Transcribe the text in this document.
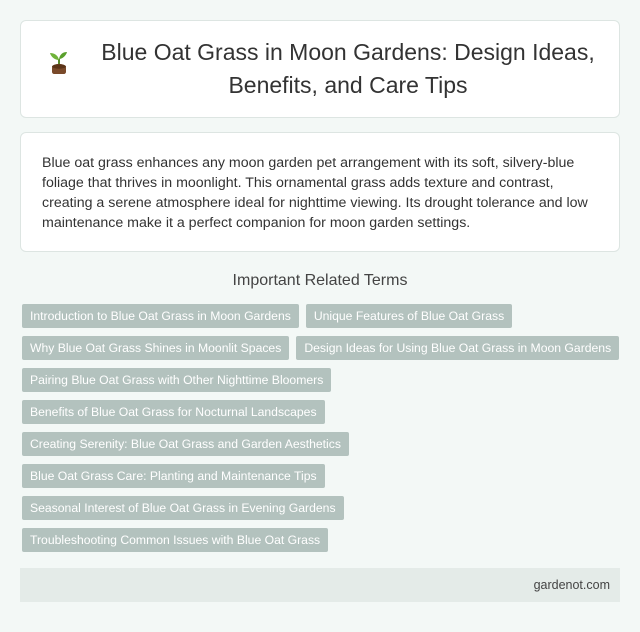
Blue Oat Grass in Moon Gardens: Design Ideas,
Benefits, and Care Tips

Blue oat grass enhances any moon garden pet arrangement with its soft, silvery-blue foliage that thrives in moonlight. This ornamental grass adds texture and contrast, creating a serene atmosphere ideal for nighttime viewing. Its drought tolerance and low maintenance make it a perfect companion for moon garden settings.

Important Related Terms
Introduction to Blue Oat Grass in Moon Gardens	Unique Features of Blue Oat Grass
Why Blue Oat Grass Shines in Moonlit Spaces	Design Ideas for Using Blue Oat Grass in Moon Gardens
Pairing Blue Oat Grass with Other Nighttime Bloomers
Benefits of Blue Oat Grass for Nocturnal Landscapes
Creating Serenity: Blue Oat Grass and Garden Aesthetics
Blue Oat Grass Care: Planting and Maintenance Tips
Seasonal Interest of Blue Oat Grass in Evening Gardens
Troubleshooting Common Issues with Blue Oat Grass
gardenot.com
